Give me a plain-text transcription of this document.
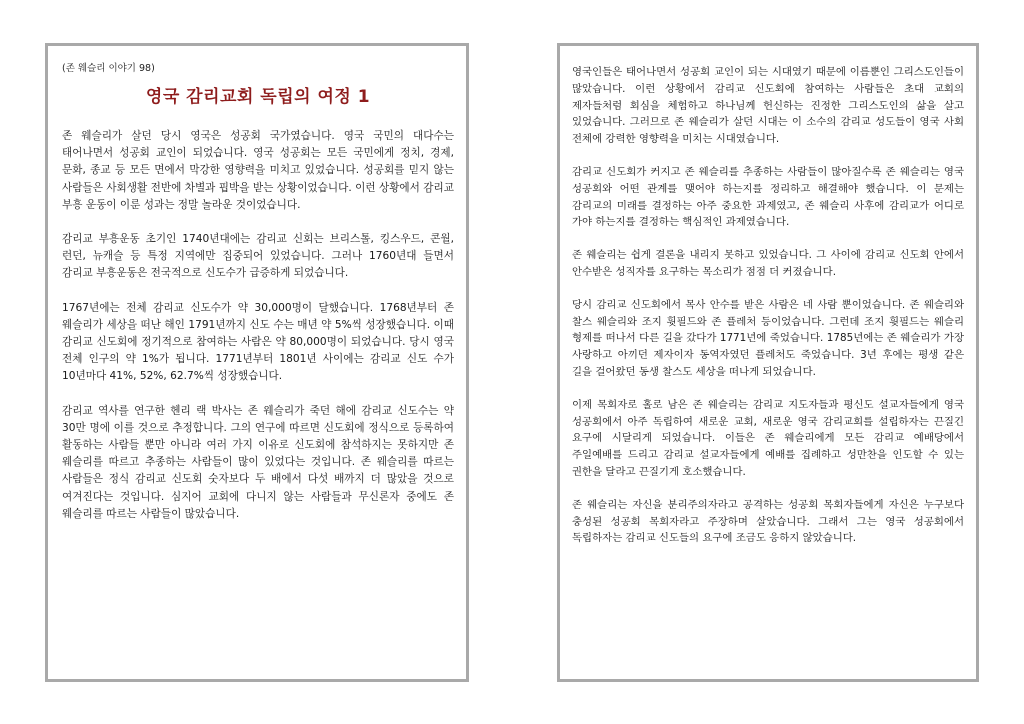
(존 웨슬리 이야기 98)
영국 감리교회 독립의 여정 1

존 웨슬리가 살던 당시 영국은 성공회 국가였습니다. 영국 국민의 대다수는 태어나면서 성공회 교인이 되었습니다. 영국 성공회는 모든 국민에게 정치, 경제, 문화, 종교 등 모든 면에서 막강한 영향력을 미치고 있었습니다. 성공회를 믿지 않는 사람들은 사회생활 전반에 차별과 핍박을 받는 상황이었습니다. 이런 상황에서 감리교 부흥 운동이 이룬 성과는 정말 놀라운 것이었습니다.

감리교 부흥운동 초기인 1740년대에는 감리교 신회는 브리스톨, 킹스우드, 콘월, 런던, 뉴캐슬 등 특정 지역에만 집중되어 있었습니다. 그러나 1760년대 들면서 감리교 부흥운동은 전국적으로 신도수가 급증하게 되었습니다.

1767년에는 전체 감리교 신도수가 약 30,000명이 달했습니다. 1768년부터 존 웨슬리가 세상을 떠난 해인 1791년까지 신도 수는 매년 약 5%씩 성장했습니다. 이때 감리교 신도회에 정기적으로 참여하는 사람은 약 80,000명이 되었습니다. 당시 영국 전체 인구의 약 1%가 됩니다. 1771년부터 1801년 사이에는 감리교 신도 수가 10년마다 41%, 52%, 62.7%씩 성장했습니다.

감리교 역사를 연구한 헨리 랙 박사는 존 웨슬리가 죽던 해에 감리교 신도수는 약 30만 명에 이를 것으로 추정합니다. 그의 연구에 따르면 신도회에 정식으로 등록하여 활동하는 사람들 뿐만 아니라 여러 가지 이유로 신도회에 참석하지는 못하지만 존 웨슬리를 따르고 추종하는 사람들이 많이 있었다는 것입니다. 존 웨슬리를 따르는 사람들은 정식 감리교 신도회 숫자보다 두 배에서 다섯 배까지 더 많았을 것으로 여겨진다는 것입니다. 심지어 교회에 다니지 않는 사람들과 무신론자 중에도 존 웨슬리를 따르는 사람들이 많았습니다.

영국인들은 태어나면서 성공회 교인이 되는 시대였기 때문에 이름뿐인 그리스도인들이 많았습니다. 이런 상황에서 감리교 신도회에 참여하는 사람들은 초대 교회의 제자들처럼 회심을 체험하고 하나님께 헌신하는 진정한 그리스도인의 삶을 살고 있었습니다. 그러므로 존 웨슬리가 살던 시대는 이 소수의 감리교 성도들이 영국 사회 전체에 강력한 영향력을 미치는 시대였습니다.

감리교 신도회가 커지고 존 웨슬리를 추종하는 사람들이 많아질수록 존 웨슬리는 영국 성공회와 어떤 관계를 맺어야 하는지를 정리하고 해결해야 했습니다. 이 문제는 감리교의 미래를 결정하는 아주 중요한 과제였고, 존 웨슬리 사후에 감리교가 어디로 가야 하는지를 결정하는 핵심적인 과제였습니다.

존 웨슬리는 쉽게 결론을 내리지 못하고 있었습니다. 그 사이에 감리교 신도회 안에서 안수받은 성직자를 요구하는 목소리가 점점 더 커졌습니다.

당시 감리교 신도회에서 목사 안수를 받은 사람은 네 사람 뿐이었습니다. 존 웨슬리와 찰스 웨슬리와 조지 휫필드와 존 플레처 등이었습니다. 그런데 조지 휫필드는 웨슬리 형제를 떠나서 다른 길을 갔다가 1771년에 죽었습니다. 1785년에는 존 웨슬리가 가장 사랑하고 아끼던 제자이자 동역자였던 플레처도 죽었습니다. 3년 후에는 평생 같은 길을 걸어왔던 동생 찰스도 세상을 떠나게 되었습니다.

이제 목회자로 홀로 남은 존 웨슬리는 감리교 지도자들과 평신도 설교자들에게 영국 성공회에서 아주 독립하여 새로운 교회, 새로운 영국 감리교회를 설립하자는 끈질긴 요구에 시달리게 되었습니다. 이들은 존 웨슬리에게 모든 감리교 예배당에서 주일예배를 드리고 감리교 설교자들에게 예배를 집례하고 성만찬을 인도할 수 있는 권한을 달라고 끈질기게 호소했습니다.

존 웨슬리는 자신을 분리주의자라고 공격하는 성공회 목회자들에게 자신은 누구보다 충성된 성공회 목회자라고 주장하며 살았습니다. 그래서 그는 영국 성공회에서 독립하자는 감리교 신도들의 요구에 조금도 응하지 않았습니다.
